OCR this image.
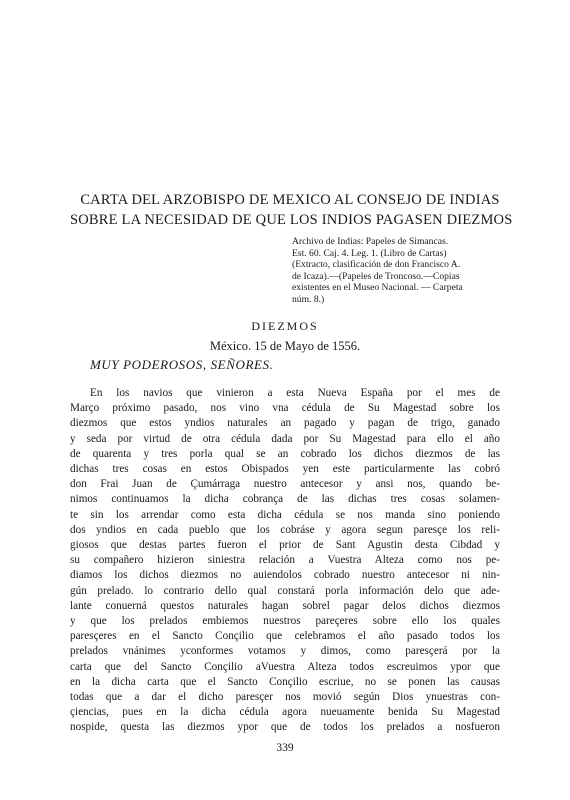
CARTA DEL ARZOBISPO DE MEXICO AL CONSEJO DE INDIAS
SOBRE LA NECESIDAD DE QUE LOS INDIOS PAGASEN DIEZMOS
Archivo de Indias: Papeles de Simancas.
Est. 60. Caj. 4. Leg. 1. (Libro de Cartas)
(Extracto, clasificación de don Francisco A.
de Icaza).—(Papeles de Troncoso.—Copias
existentes en el Museo Nacional. — Carpeta
núm. 8.)
DIEZMOS
México. 15 de Mayo de 1556.
MUY PODEROSOS, SEÑORES.
En los navios que vinieron a esta Nueva España por el mes de
Março próximo pasado, nos vino vna cédula de Su Magestad sobre los
diezmos que estos yndios naturales an pagado y pagan de trigo, ganado
y seda por virtud de otra cédula dada por Su Magestad para ello el año
de quarenta y tres porla qual se an cobrado los dichos diezmos de las
dichas tres cosas en estos Obispados yen este particularmente las cobró
don Frai Juan de Çumárraga nuestro antecesor y ansi nos, quando be-
nimos continuamos la dicha cobrança de las dichas tres cosas solamen-
te sin los arrendar como esta dicha cédula se nos manda sino poniendo
dos yndios en cada pueblo que los cobráse y agora segun paresçe los reli-
giosos que destas partes fueron el prior de Sant Agustin desta Cibdad y
su compañero hizieron siniestra relación a Vuestra Alteza como nos pe-
diamos los dichos diezmos no auiendolos cobrado nuestro antecesor ni nin-
gún prelado. lo contrario dello qual constará porla información delo que ade-
lante conuerná questos naturales hagan sobrel pagar delos dichos diezmos
y que los prelados embiemos nuestros pareçeres sobre ello los quales
paresçeres en el Sancto Conçilio que celebramos el año pasado todos los
prelados vnánimes yconformes votamos y dimos, como paresçerá por la
carta que del Sancto Conçilio aVuestra Alteza todos escreuimos ypor que
en la dicha carta que el Sancto Conçilio escriue, no se ponen las causas
todas que a dar el dicho paresçer nos movió según Dios ynuestras con-
çiencias, pues en la dicha cédula agora nueuamente benida Su Magestad
nospide, questa las diezmos ypor que de todos los prelados a nosfueron
339
